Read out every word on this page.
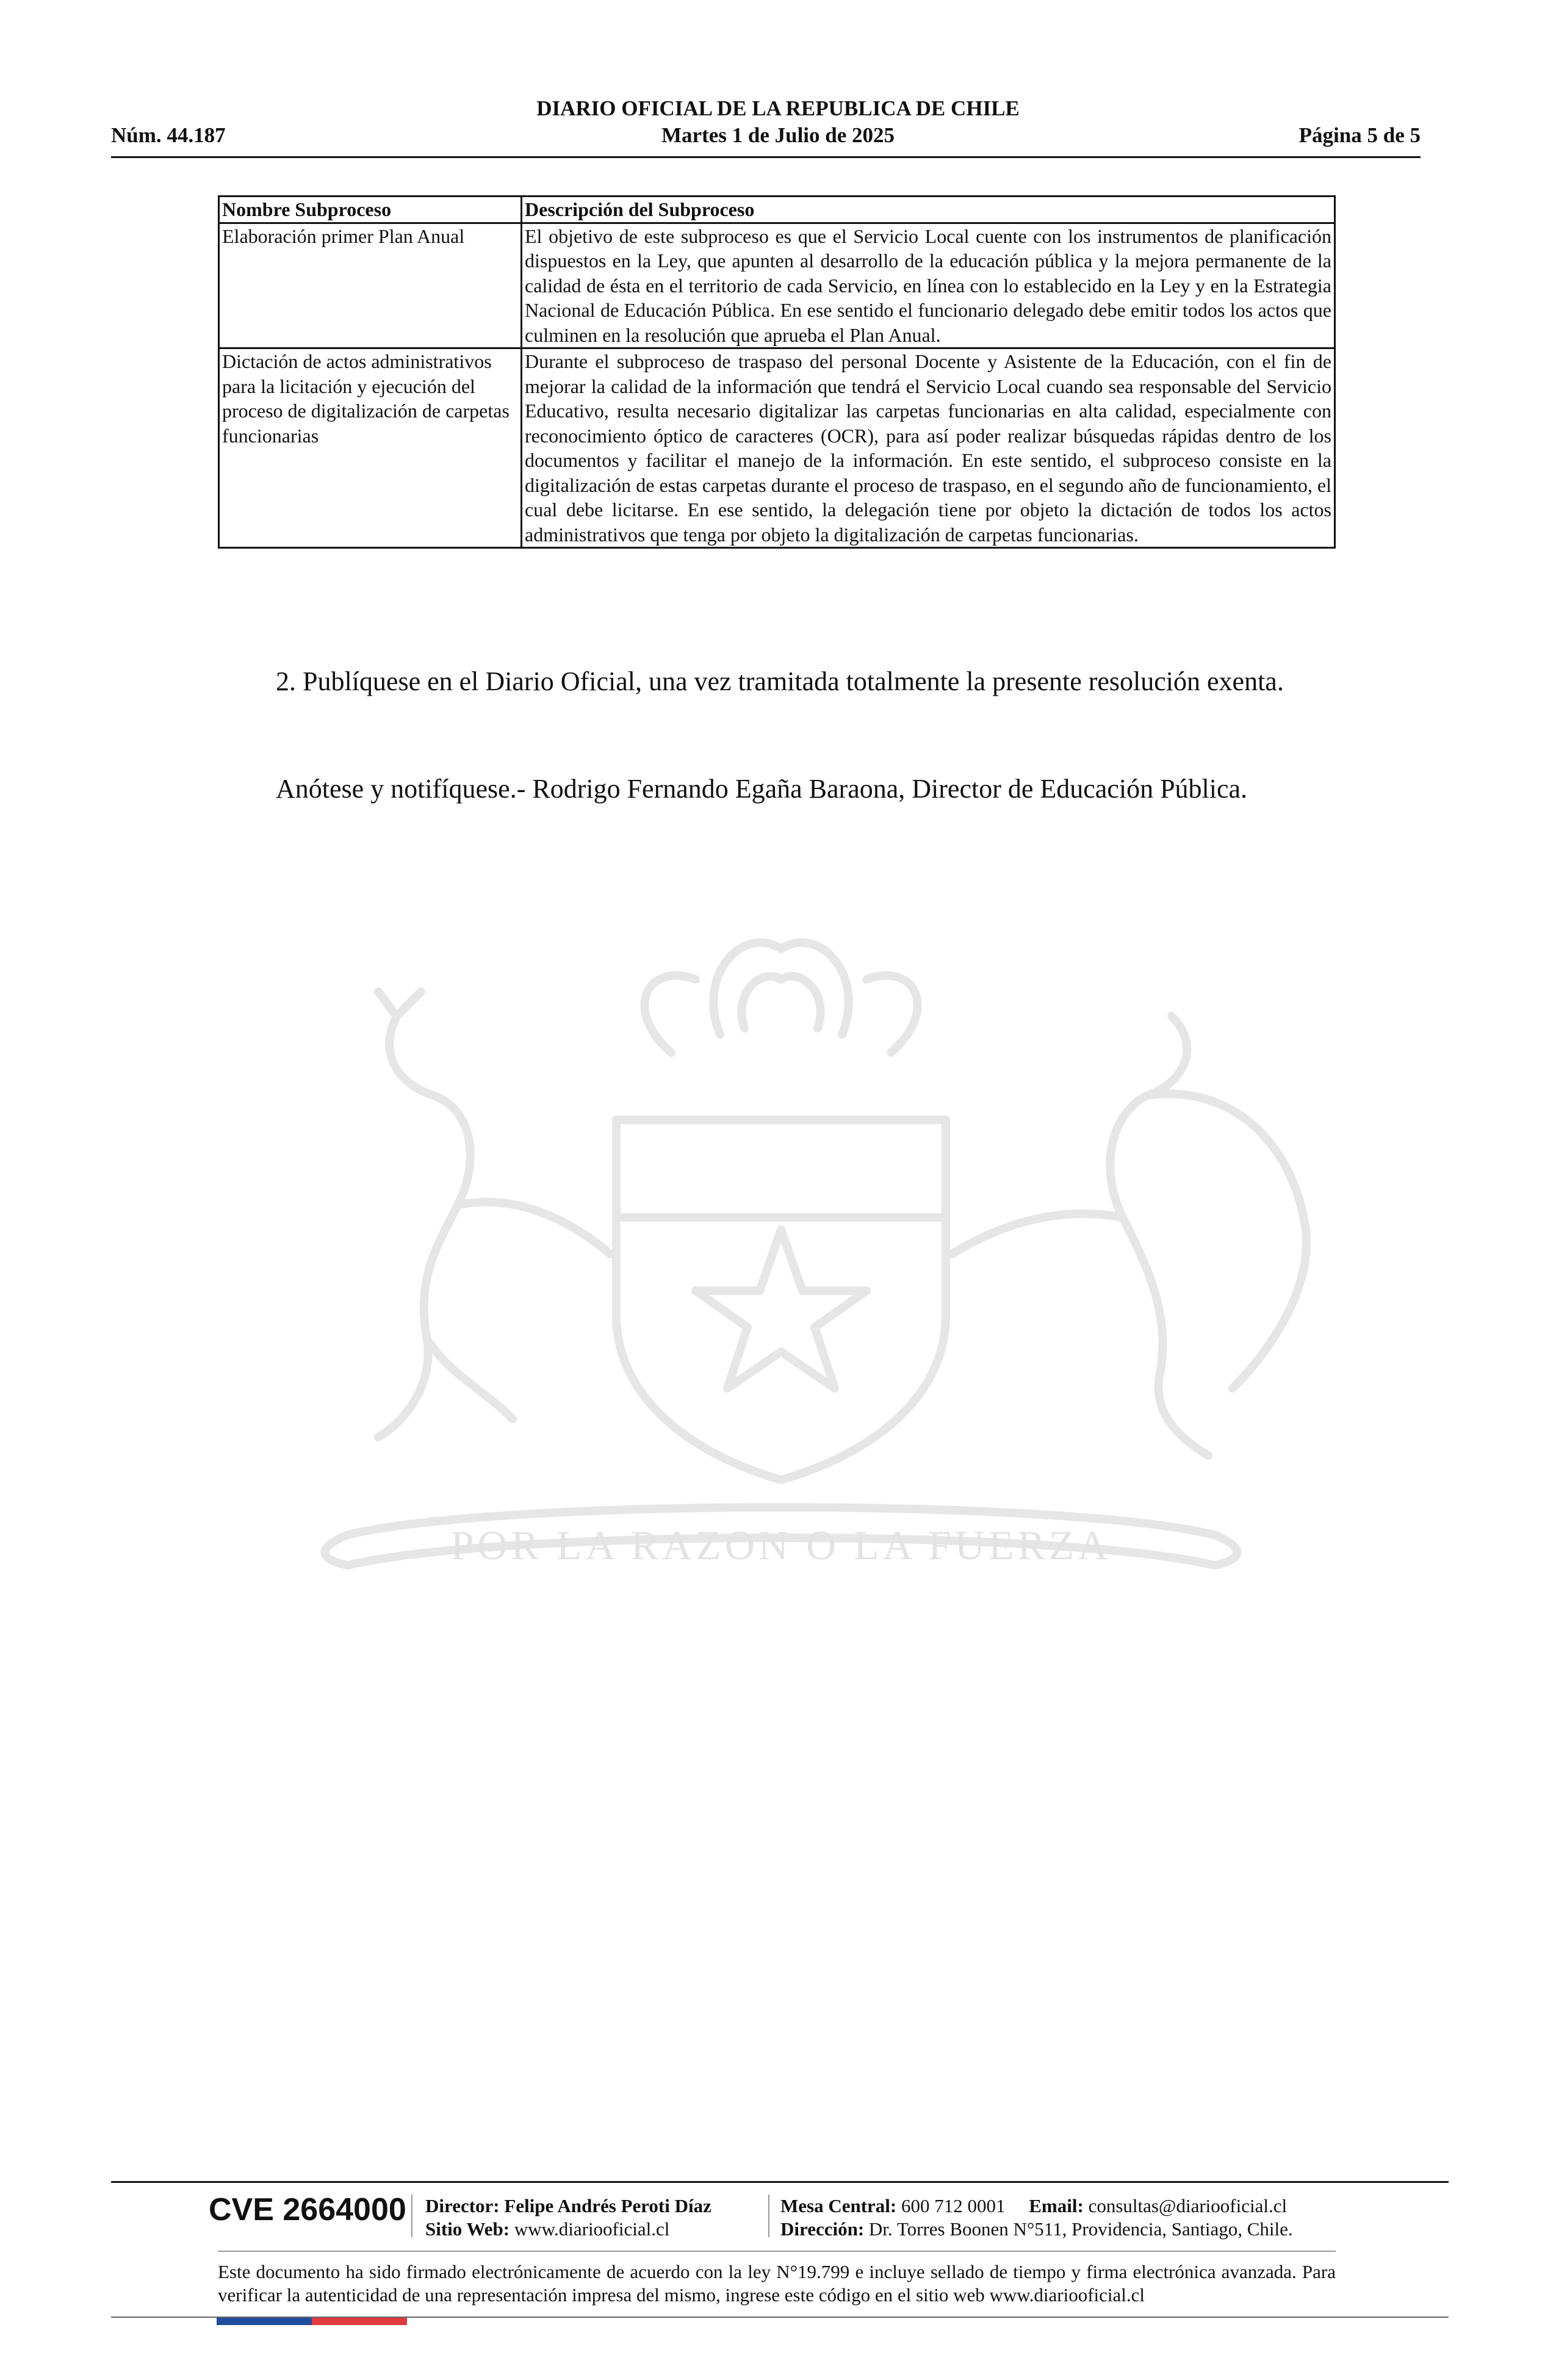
DIARIO OFICIAL DE LA REPUBLICA DE CHILE
Núm. 44.187	Martes 1 de Julio de 2025	Página 5 de 5
POR LA RAZON O LA FUERZA
Nombre Subproceso	Descripción del Subproceso
Elaboración primer Plan Anual	El objetivo de este subproceso es que el Servicio Local cuente con los instrumentos de planificación dispuestos en la Ley, que apunten al desarrollo de la educación pública y la mejora permanente de la calidad de ésta en el territorio de cada Servicio, en línea con lo establecido en la Ley y en la Estrategia Nacional de Educación Pública. En ese sentido el funcionario delegado debe emitir todos los actos que culminen en la resolución que aprueba el Plan Anual.
Dictación de actos administrativos para la licitación y ejecución del proceso de digitalización de carpetas funcionarias	Durante el subproceso de traspaso del personal Docente y Asistente de la Educación, con el fin de mejorar la calidad de la información que tendrá el Servicio Local cuando sea responsable del Servicio Educativo, resulta necesario digitalizar las carpetas funcionarias en alta calidad, especialmente con reconocimiento óptico de caracteres (OCR), para así poder realizar búsquedas rápidas dentro de los documentos y facilitar el manejo de la información. En este sentido, el subproceso consiste en la digitalización de estas carpetas durante el proceso de traspaso, en el segundo año de funcionamiento, el cual debe licitarse. En ese sentido, la delegación tiene por objeto la dictación de todos los actos administrativos que tenga por objeto la digitalización de carpetas funcionarias.
2. Publíquese en el Diario Oficial, una vez tramitada totalmente la presente resolución exenta.
Anótese y notifíquese.- Rodrigo Fernando Egaña Baraona, Director de Educación Pública.
CVE 2664000 Director: Felipe Andrés Peroti Díaz
Sitio Web: www.diariooficial.cl
Mesa Central: 600 712 0001 Email: consultas@diariooficial.cl
Dirección: Dr. Torres Boonen N°511, Providencia, Santiago, Chile.
Este documento ha sido firmado electrónicamente de acuerdo con la ley N°19.799 e incluye sellado de tiempo y firma electrónica avanzada. Para verificar la autenticidad de una representación impresa del mismo, ingrese este código en el sitio web www.diariooficial.cl
